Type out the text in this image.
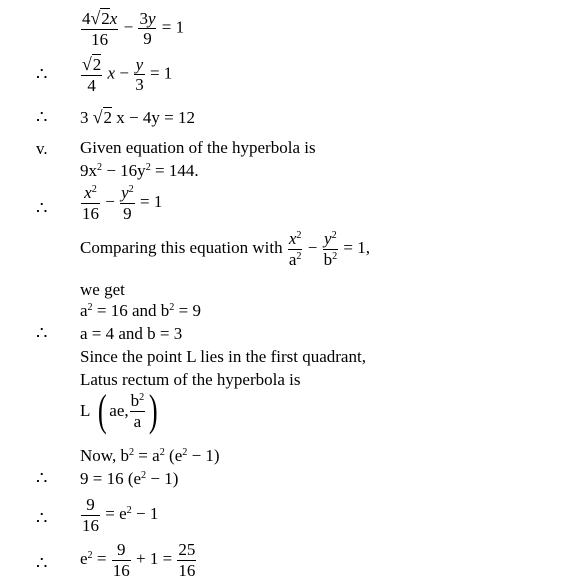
$\frac{4√2x}{16} - \frac{3y}{9} = 1$
∴ $\frac{√2}{4}$ $x - \frac{y}{3} = 1$
∴ 3 √2 x − 4y = 12
v. Given equation of the hyperbola is
$9x^2 - 16y^2 = 144$.
∴ $\frac{x^2}{16} - \frac{y^2}{9} = 1$
Comparing this equation with $\frac{x^2}{a^2} - \frac{y^2}{b^2} = 1$,
we get
$a^2 = 16$ and $b^2 = 9$
∴ a = 4 and b = 3
Since the point L lies in the first quadrant,
Latus rectum of the hyperbola is
L
( ae,
$b^2$
a )
Now, $b^2 = a^2$ $(e^2 - 1)$
∴ 9 = 16 $(e^2 - 1)$
∴ $\frac{9}{16} = e^2 - 1$
∴ $e^2 = \frac{9}{16} + 1 = \frac{25}{16}$
